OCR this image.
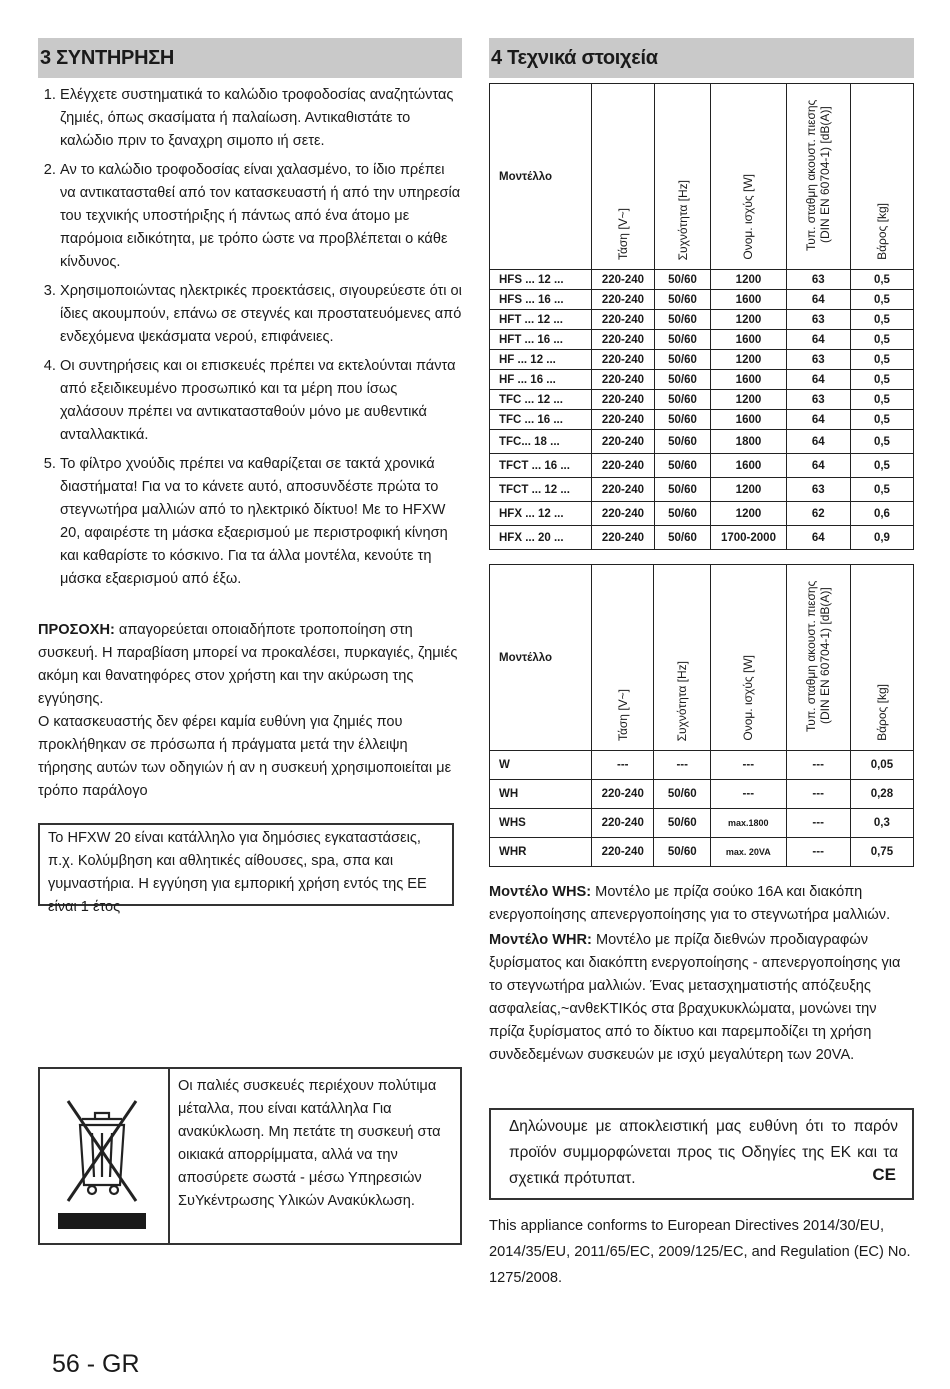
3 ΣΥΝΤΗΡΗΣΗ
1. Ελέγχετε συστηματικά το καλώδιο τροφοδοσίας αναζητώντας ζημιές, όπως σκασίματα ή παλαίωση. Αντικαθιστάτε το καλώδιο πριν το ξαναχρη σιμοπο ιή σετε.
2. Αν το καλώδιο τροφοδοσίας είναι χαλασμένο, το ίδιο πρέπει να αντικατασταθεί από τον κατασκευαστή ή από την υπηρεσία του τεχνικής υποστήριξης ή πάντως από ένα άτομο με παρόμοια ειδικότητα, με τρόπο ώστε να προβλέπεται ο κάθε κίνδυνος.
3. Χρησιμοποιώντας ηλεκτρικές προεκτάσεις, σιγουρεύεστε ότι οι ίδιες ακουμπούν, επάνω σε στεγνές και προστατευόμενες από ενδεχόμενα ψεκάσματα νερού, επιφάνειες.
4. Οι συντηρήσεις και οι επισκευές πρέπει να εκτελούνται πάντα από εξειδικευμένο προσωπικό και τα μέρη που ίσως χαλάσουν πρέπει να αντικατασταθούν μόνο με αυθεντικά ανταλλακτικά.
5. Το φίλτρο χνούδις πρέπει να καθαρίζεται σε τακτά χρονικά διαστήματα! Για να το κάνετε αυτό, αποσυνδέστε πρώτα το στεγνωτήρα μαλλιών από το ηλεκτρικό δίκτυο! Με το HFXW 20, αφαιρέστε τη μάσκα εξαερισμού με περιστροφική κίνηση και καθαρίστε το κόσκινο. Για τα άλλα μοντέλα, κενούτε τη μάσκα εξαερισμού από έξω.
ΠΡΟΣΟΧΗ: απαγορεύεται οποιαδήποτε τροποποίηση στη συσκευή. Η παραβίαση μπορεί να προκαλέσει, πυρκαγιές, ζημιές ακόμη και θανατηφόρες στον χρήστη και την ακύρωση της εγγύησης.
Ο κατασκευαστής δεν φέρει καμία ευθύνη για ζημιές που προκλήθηκαν σε πρόσωπα ή πράγματα μετά την έλλειψη τήρησης αυτών των οδηγιών ή αν η συσκευή χρησιμοποιείται με τρόπο παράλογο
Το HFXW 20 είναι κατάλληλο για δημόσιες εγκαταστάσεις, π.χ. Κολύμβηση και αθλητικές αίθουσες, spa, σπα και γυμναστήρια. Η εγγύηση για εμπορική χρήση εντός της ΕΕ είναι 1 έτος
Οι παλιές συσκευές περιέχουν πολύτιμα μέταλλα, που είναι κατάλληλα Για ανακύκλωση. Μη πετάτε τη συσκευή στα οικιακά απορρίμματα, αλλά να την αποσύρετε σωστά - μέσω Υπηρεσιών ΣυΥκέντρωσης Υλικών Ανακύκλωση.
4 Τεχνικά στοιχεία
Μοντέλλο	Τάση [V~]	Συχνότητα [Hz]	Ονομ. ισχύς [W]	Τυπ. σταθμη ακουστ. πιεσης (DIN EN 60704-1) [dB(A)]	Βάρος [kg]
HFS ... 12 ...	220-240	50/60	1200	63	0,5
HFS ... 16 ...	220-240	50/60	1600	64	0,5
HFT ... 12 ...	220-240	50/60	1200	63	0,5
HFT ... 16 ...	220-240	50/60	1600	64	0,5
HF ... 12 ...	220-240	50/60	1200	63	0,5
HF ... 16 ...	220-240	50/60	1600	64	0,5
TFC ... 12 ...	220-240	50/60	1200	63	0,5
TFC ... 16 ...	220-240	50/60	1600	64	0,5
TFC... 18 ...	220-240	50/60	1800	64	0,5
TFCT ... 16 ...	220-240	50/60	1600	64	0,5
TFCT ... 12 ...	220-240	50/60	1200	63	0,5
HFX ... 12 ...	220-240	50/60	1200	62	0,6
HFX ... 20 ...	220-240	50/60	1700-2000	64	0,9
Μοντέλλο	Τάση [V~]	Συχνότητα [Hz]	Ονομ. ισχύς [W]	Τυπ. σταθμη ακουστ. πιεσης (DIN EN 60704-1) [dB(A)]	Βάρος [kg]
W	---	---	---	---	0,05
WH	220-240	50/60	---	---	0,28
WHS	220-240	50/60	max.1800	---	0,3
WHR	220-240	50/60	max. 20VA	---	0,75
Μοντέλο WHS: Μοντέλο με πρίζα σούκο 16A και διακόπη ενεργοποίησης απενεργοποίησης για το στεγνωτήρα μαλλιών.
Μοντέλο WHR: Μοντέλο με πρίζα διεθνών προδιαγραφών ξυρίσματος και διακόπτη ενεργοποίησης - απενεργοποίησης για το στεγνωτήρα μαλλιών. Ένας μετασχηματιστής απόζευξης ασφαλείας,~ανθεΚΤΙΚός στα βραχυκυκλώματα, μονώνει την πρίζα ξυρίσματος από το δίκτυο και παρεμποδίζει τη χρήση συνδεδεμένων συσκευών με ισχύ μεγαλύτερη των 20VA.
Δηλώνουμε με αποκλειστική μας ευθύνη ότι το παρόν προϊόν συμμορφώνεται προς τις Οδηγίες της ΕΚ και τα σχετικά πρότυπατ.	CE
This appliance conforms to European Directives 2014/30/EU, 2014/35/EU, 2011/65/EC, 2009/125/EC, and Regulation (EC) No. 1275/2008.
56 - GR
